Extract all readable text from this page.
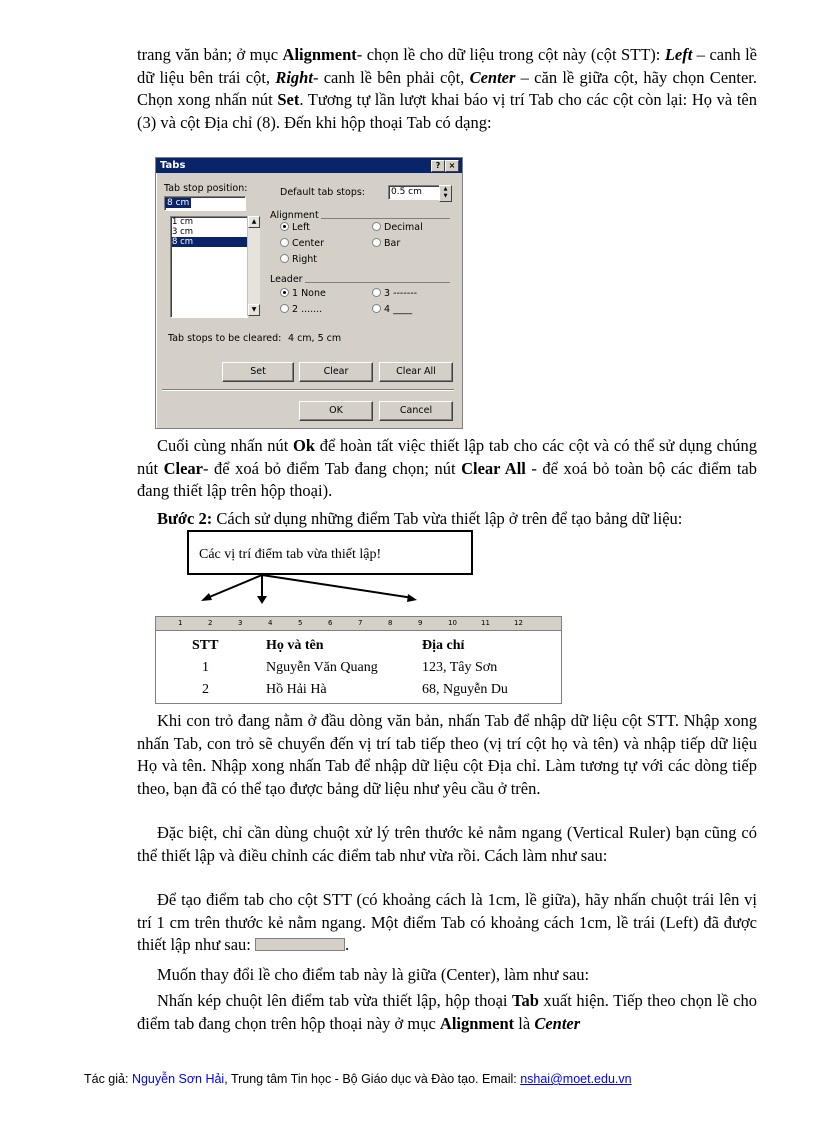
trang văn bản; ở mục Alignment- chọn lề cho dữ liệu trong cột này (cột STT): Left – canh lề dữ liệu bên trái cột, Right- canh lề bên phải cột, Center – căn lề giữa cột, hãy chọn Center. Chọn xong nhấn nút Set. Tương tự lần lượt khai báo vị trí Tab cho các cột còn lại: Họ và tên (3) và cột Địa chỉ (8). Đến khi hộp thoại Tab có dạng:
Tabs	?	×
Tab stop position:
8 cm
1 cm
3 cm
8 cm
▲
▼
Default tab stops:	0.5 cm	▲
▼
Alignment
Left
Center
Right
Decimal
Bar
Leader
1 None
2 .......
3 -------
4 ____
Tab stops to be cleared: 4 cm, 5 cm
Set	Clear	Clear All
OK	Cancel
Cuối cùng nhấn nút Ok để hoàn tất việc thiết lập tab cho các cột và có thể sử dụng chúng nút Clear- để xoá bỏ điểm Tab đang chọn; nút Clear All - để xoá bỏ toàn bộ các điểm tab đang thiết lập trên hộp thoại).
Bước 2: Cách sử dụng những điểm Tab vừa thiết lập ở trên để tạo bảng dữ liệu:
Các vị trí điểm tab vừa thiết lập!
1	2	3	4	5	6	7	8	9	10	11	12
STT	Họ và tên	Địa chỉ
1	Nguyễn Văn Quang	123, Tây Sơn
2	Hồ Hải Hà	68, Nguyễn Du
Khi con trỏ đang nằm ở đầu dòng văn bản, nhấn Tab để nhập dữ liệu cột STT. Nhập xong nhấn Tab, con trỏ sẽ chuyển đến vị trí tab tiếp theo (vị trí cột họ và tên) và nhập tiếp dữ liệu Họ và tên. Nhập xong nhấn Tab để nhập dữ liệu cột Địa chỉ. Làm tương tự với các dòng tiếp theo, bạn đã có thể tạo được bảng dữ liệu như yêu cầu ở trên.
Đặc biệt, chỉ cần dùng chuột xử lý trên thước kẻ nằm ngang (Vertical Ruler) bạn cũng có thể thiết lập và điều chỉnh các điểm tab như vừa rồi. Cách làm như sau:
Để tạo điểm tab cho cột STT (có khoảng cách là 1cm, lề giữa), hãy nhấn chuột trái lên vị trí 1 cm trên thước kẻ nằm ngang. Một điểm Tab có khoảng cách 1cm, lề trái (Left) đã được thiết lập như sau:	.
Muốn thay đổi lề cho điểm tab này là giữa (Center), làm như sau:
Nhấn kép chuột lên điểm tab vừa thiết lập, hộp thoại Tab xuất hiện. Tiếp theo chọn lề cho điểm tab đang chọn trên hộp thoại này ở mục Alignment là Center
Tác giả: Nguyễn Sơn Hải, Trung tâm Tin học - Bộ Giáo dục và Đào tạo. Email: nshai@moet.edu.vn
